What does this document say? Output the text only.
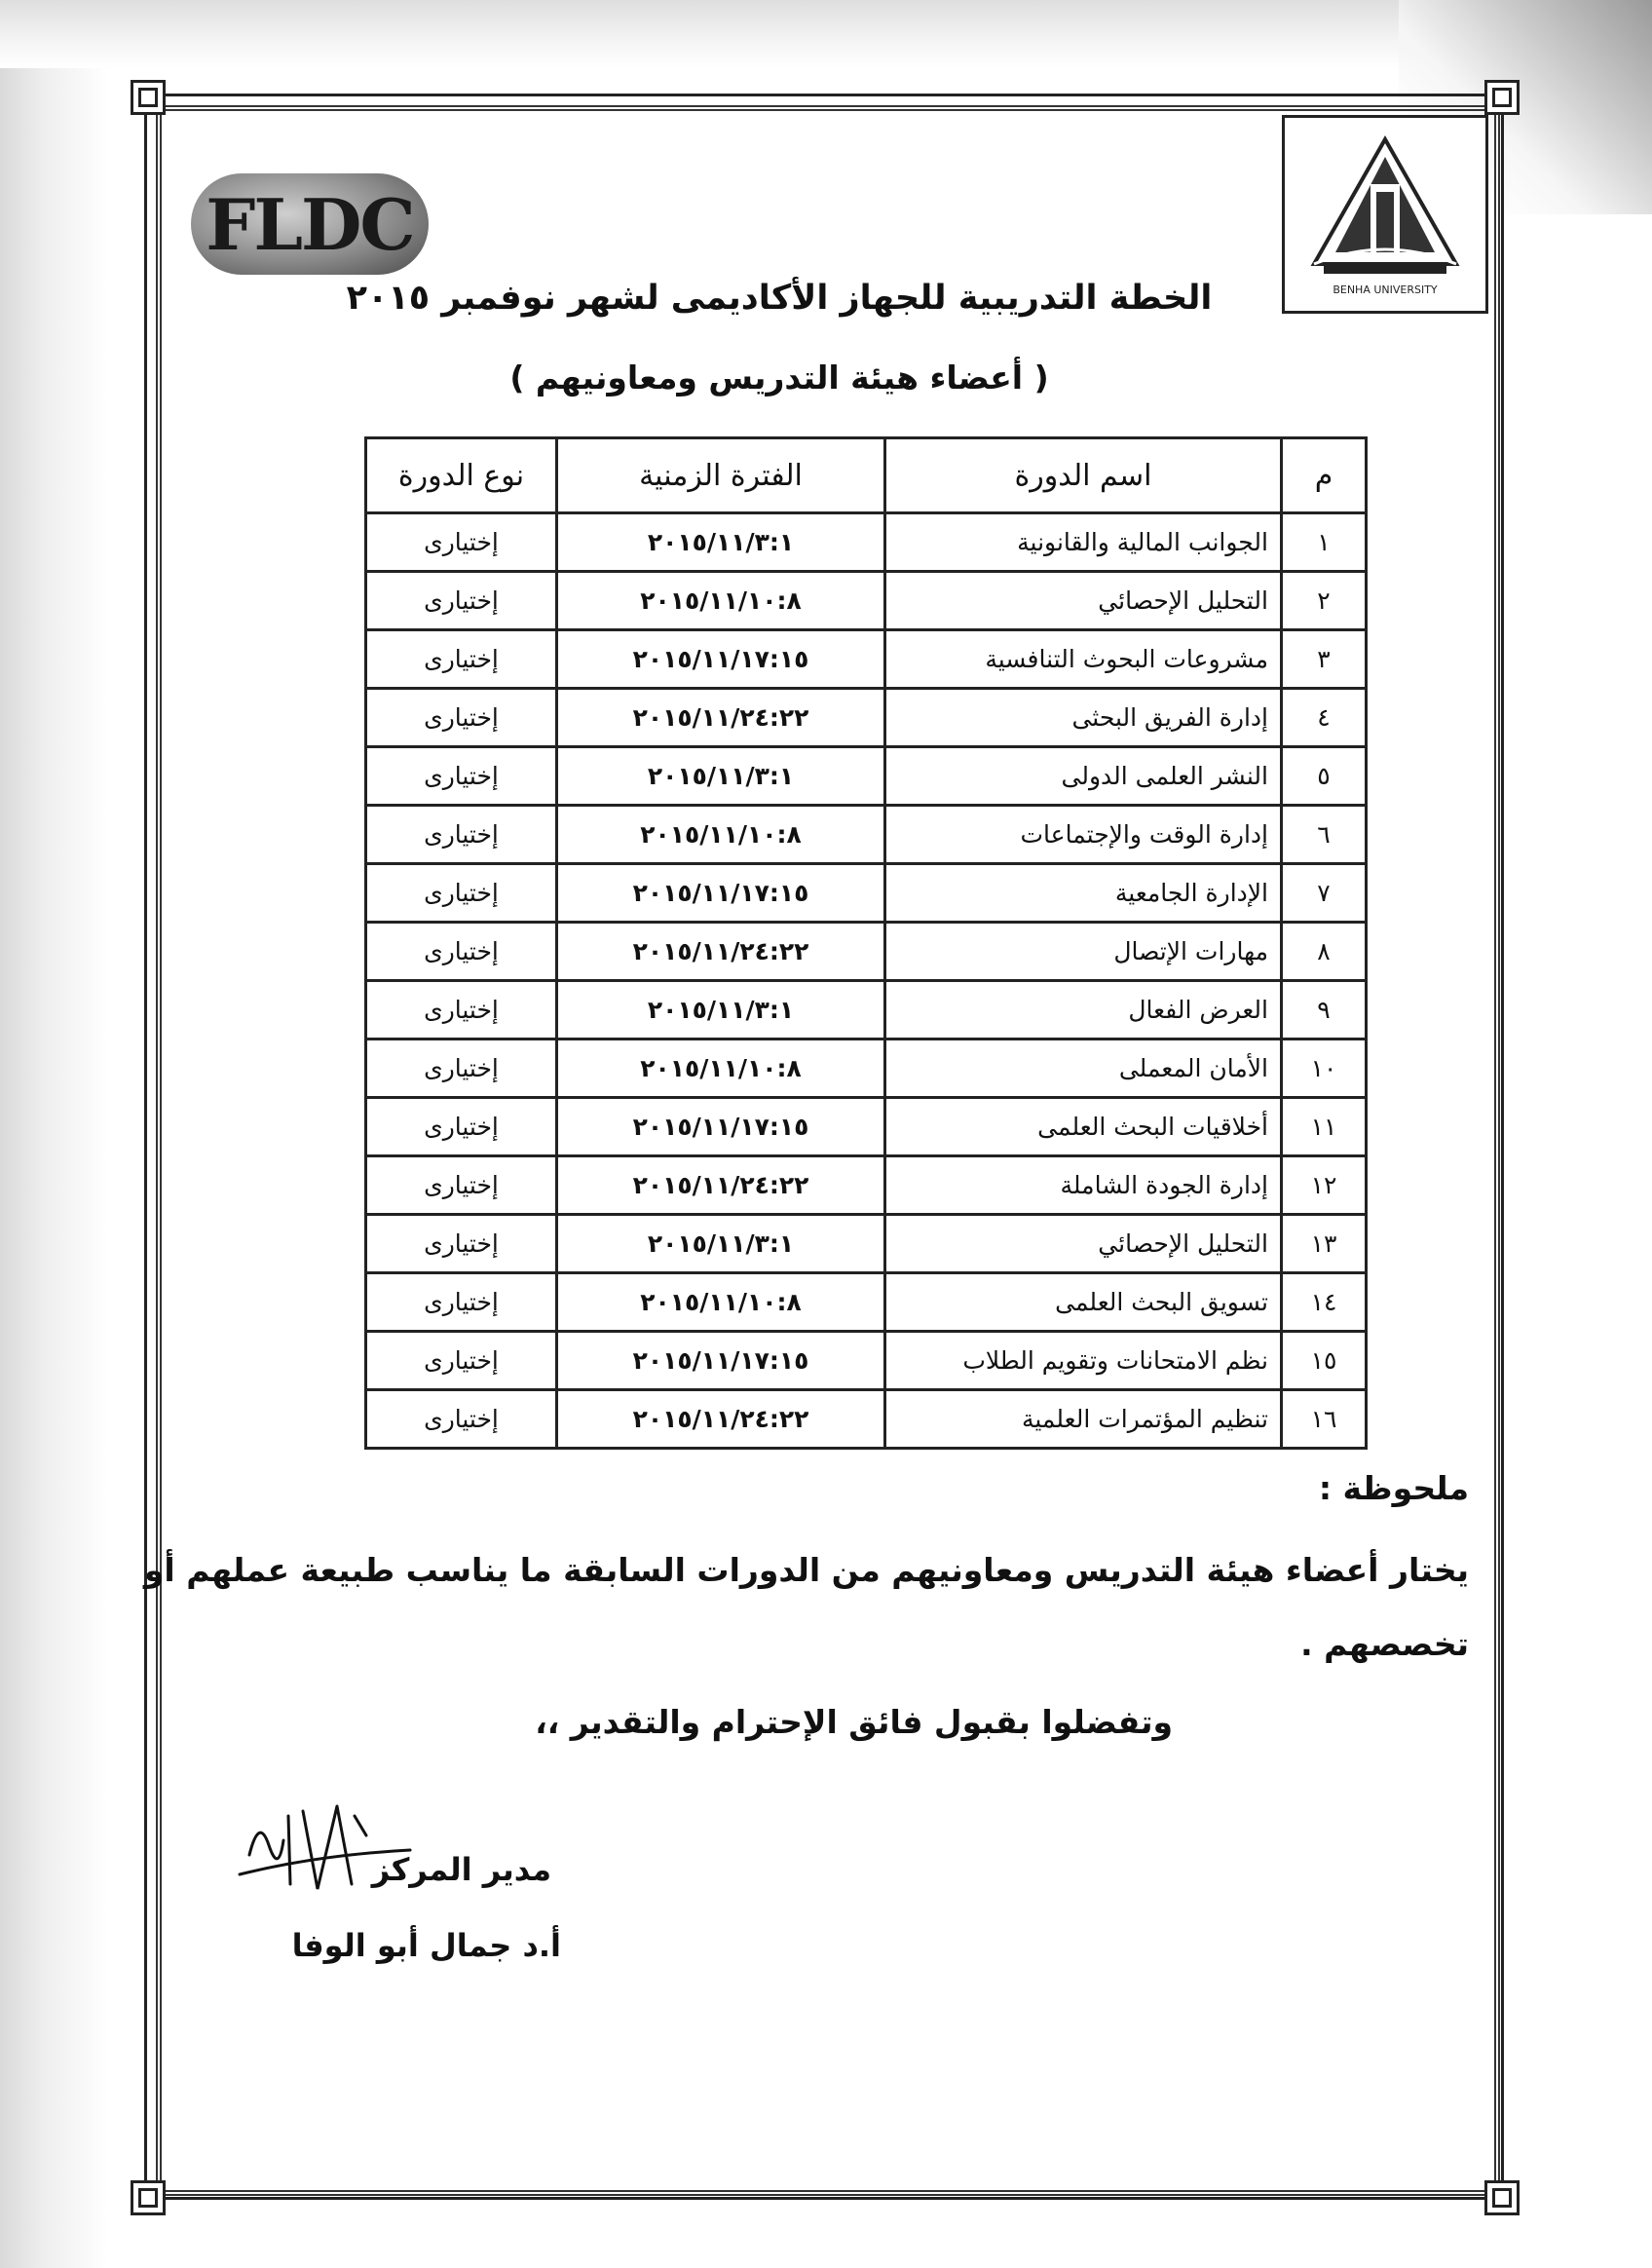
FLDC
BENHA UNIVERSITY
الخطة التدريبية للجهاز الأكاديمى لشهر نوفمبر ٢٠١٥
( أعضاء هيئة التدريس ومعاونيهم )
م	اسم الدورة	الفترة الزمنية	نوع الدورة
١	الجوانب المالية والقانونية	٢٠١٥/١١/٣:١	إختيارى
٢	التحليل الإحصائي	٢٠١٥/١١/١٠:٨	إختيارى
٣	مشروعات البحوث التنافسية	٢٠١٥/١١/١٧:١٥	إختيارى
٤	إدارة الفريق البحثى	٢٠١٥/١١/٢٤:٢٢	إختيارى
٥	النشر العلمى الدولى	٢٠١٥/١١/٣:١	إختيارى
٦	إدارة الوقت والإجتماعات	٢٠١٥/١١/١٠:٨	إختيارى
٧	الإدارة الجامعية	٢٠١٥/١١/١٧:١٥	إختيارى
٨	مهارات الإتصال	٢٠١٥/١١/٢٤:٢٢	إختيارى
٩	العرض الفعال	٢٠١٥/١١/٣:١	إختيارى
١٠	الأمان المعملى	٢٠١٥/١١/١٠:٨	إختيارى
١١	أخلاقيات البحث العلمى	٢٠١٥/١١/١٧:١٥	إختيارى
١٢	إدارة الجودة الشاملة	٢٠١٥/١١/٢٤:٢٢	إختيارى
١٣	التحليل الإحصائي	٢٠١٥/١١/٣:١	إختيارى
١٤	تسويق البحث العلمى	٢٠١٥/١١/١٠:٨	إختيارى
١٥	نظم الامتحانات وتقويم الطلاب	٢٠١٥/١١/١٧:١٥	إختيارى
١٦	تنظيم المؤتمرات العلمية	٢٠١٥/١١/٢٤:٢٢	إختيارى
ملحوظة :
يختار أعضاء هيئة التدريس ومعاونيهم من الدورات السابقة ما يناسب طبيعة عملهم أو
تخصصهم .
وتفضلوا بقبول فائق الإحترام والتقدير ،،
مدير المركز
أ.د جمال أبو الوفا
